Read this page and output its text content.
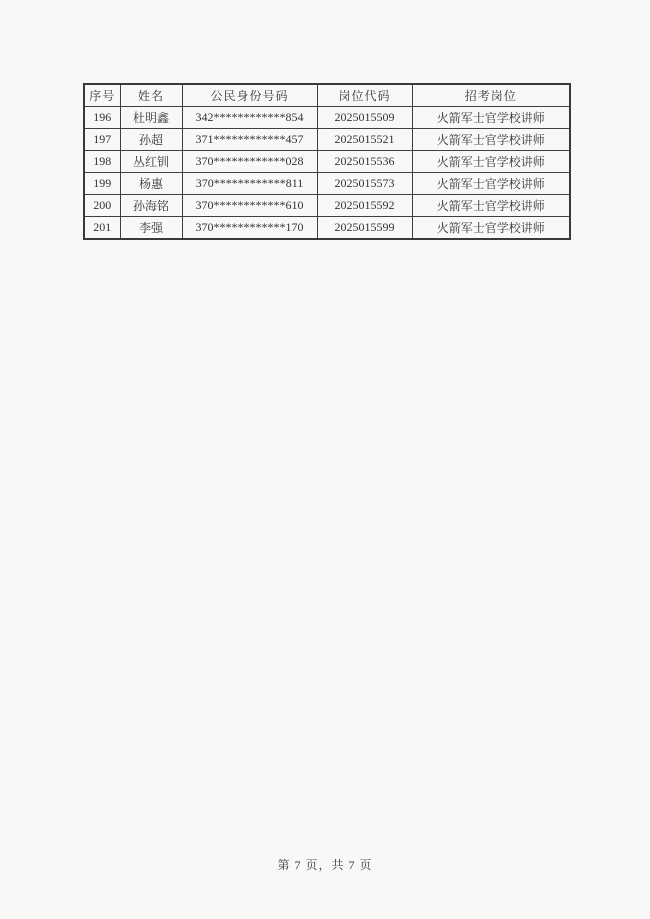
序号	姓名	公民身份号码	岗位代码	招考岗位
196	杜明鑫	342************854	2025015509	火箭军士官学校讲师
197	孙超	371************457	2025015521	火箭军士官学校讲师
198	丛红钏	370************028	2025015536	火箭军士官学校讲师
199	杨惠	370************811	2025015573	火箭军士官学校讲师
200	孙海铭	370************610	2025015592	火箭军士官学校讲师
201	李强	370************170	2025015599	火箭军士官学校讲师
第 7 页，共 7 页
